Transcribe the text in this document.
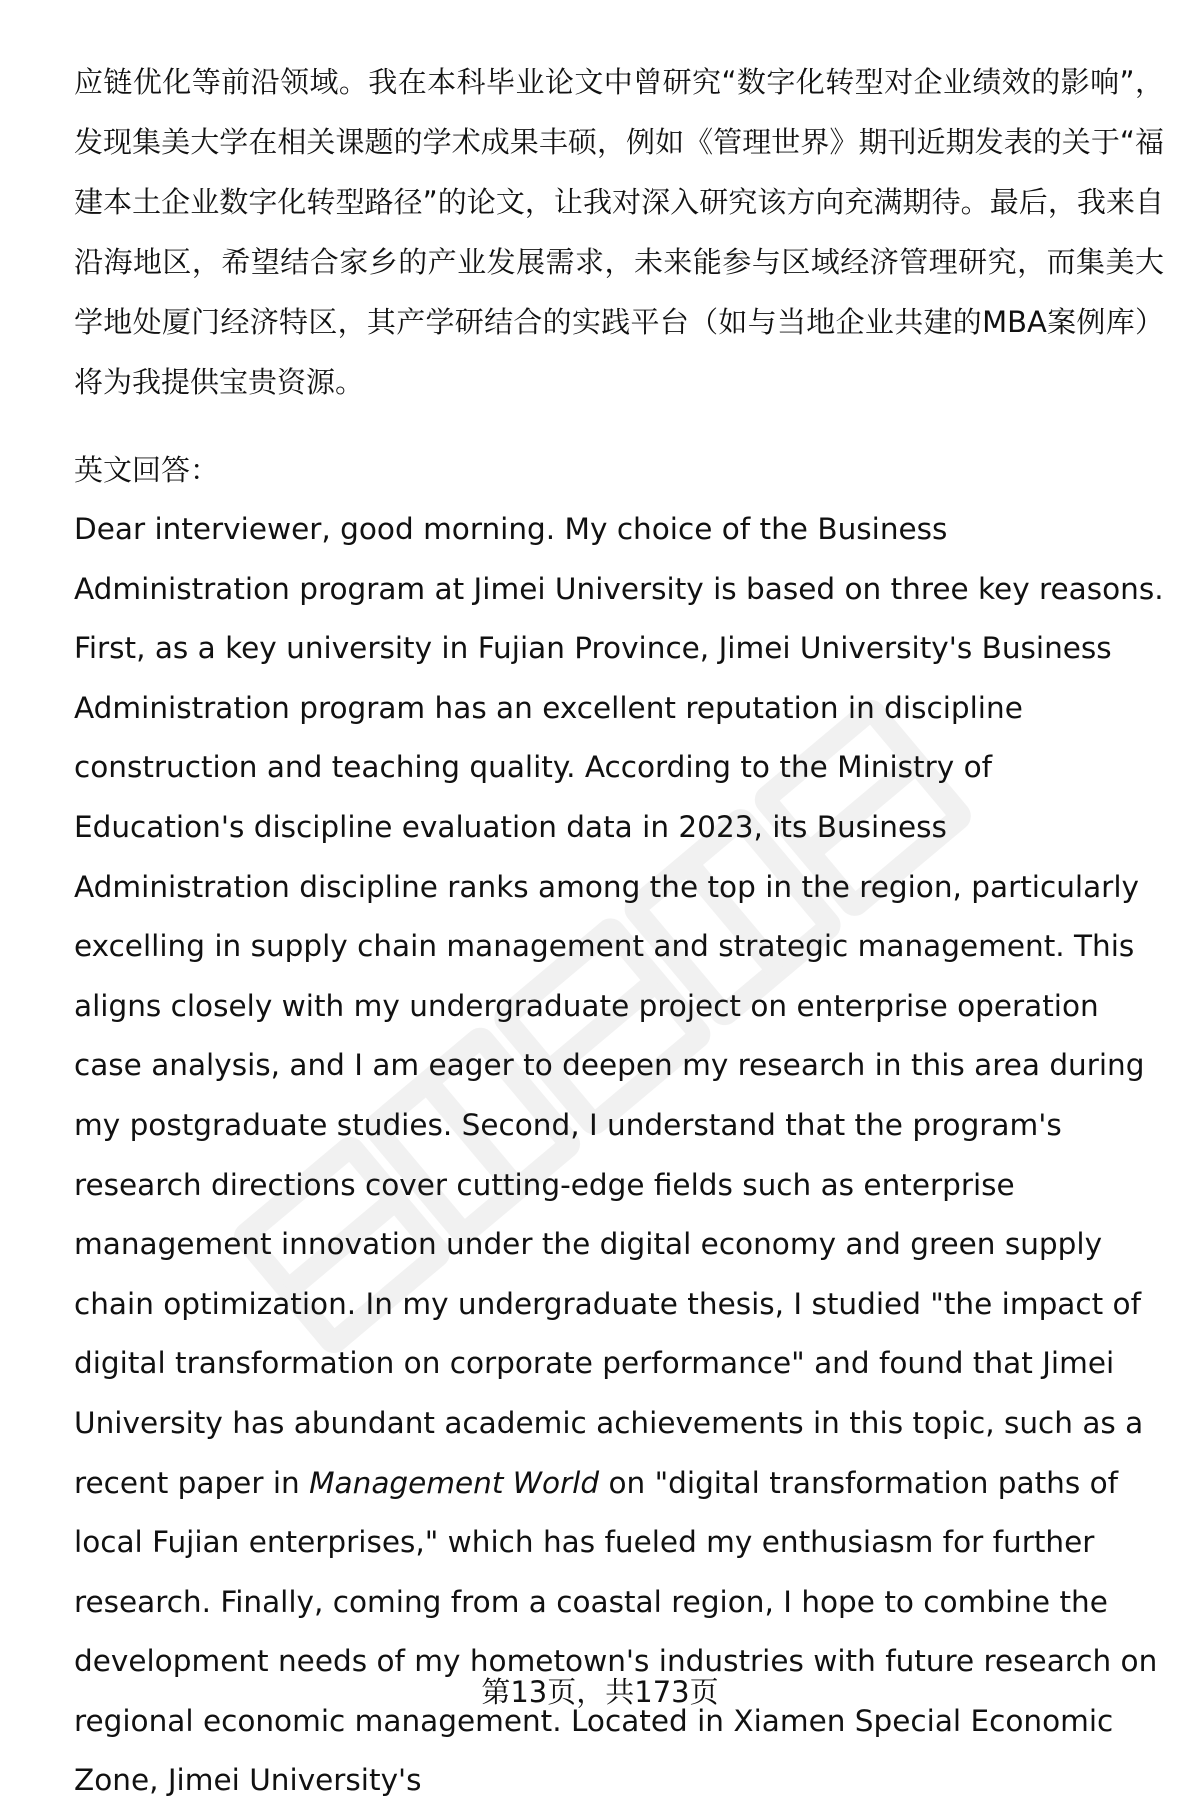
应链优化等前沿领域。我在本科毕业论文中曾研究“数字化转型对企业绩效的影响”，发现集美大学在相关课题的学术成果丰硕，例如《管理世界》期刊近期发表的关于“福建本土企业数字化转型路径”的论文，让我对深入研究该方向充满期待。最后，我来自沿海地区，希望结合家乡的产业发展需求，未来能参与区域经济管理研究，而集美大学地处厦门经济特区，其产学研结合的实践平台（如与当地企业共建的MBA案例库）将为我提供宝贵资源。

英文回答：

Dear interviewer, good morning. My choice of the Business Administration program at Jimei University is based on three key reasons. First, as a key university in Fujian Province, Jimei University's Business Administration program has an excellent reputation in discipline construction and teaching quality. According to the Ministry of Education's discipline evaluation data in 2023, its Business Administration discipline ranks among the top in the region, particularly excelling in supply chain management and strategic management. This aligns closely with my undergraduate project on enterprise operation case analysis, and I am eager to deepen my research in this area during my postgraduate studies. Second, I understand that the program's research directions cover cutting-edge fields such as enterprise management innovation under the digital economy and green supply chain optimization. In my undergraduate thesis, I studied "the impact of digital transformation on corporate performance" and found that Jimei University has abundant academic achievements in this topic, such as a recent paper in Management World on "digital transformation paths of local Fujian enterprises," which has fueled my enthusiasm for further research. Finally, coming from a coastal region, I hope to combine the development needs of my hometown's industries with future research on regional economic management. Located in Xiamen Special Economic Zone, Jimei University's

第13页，共173页
